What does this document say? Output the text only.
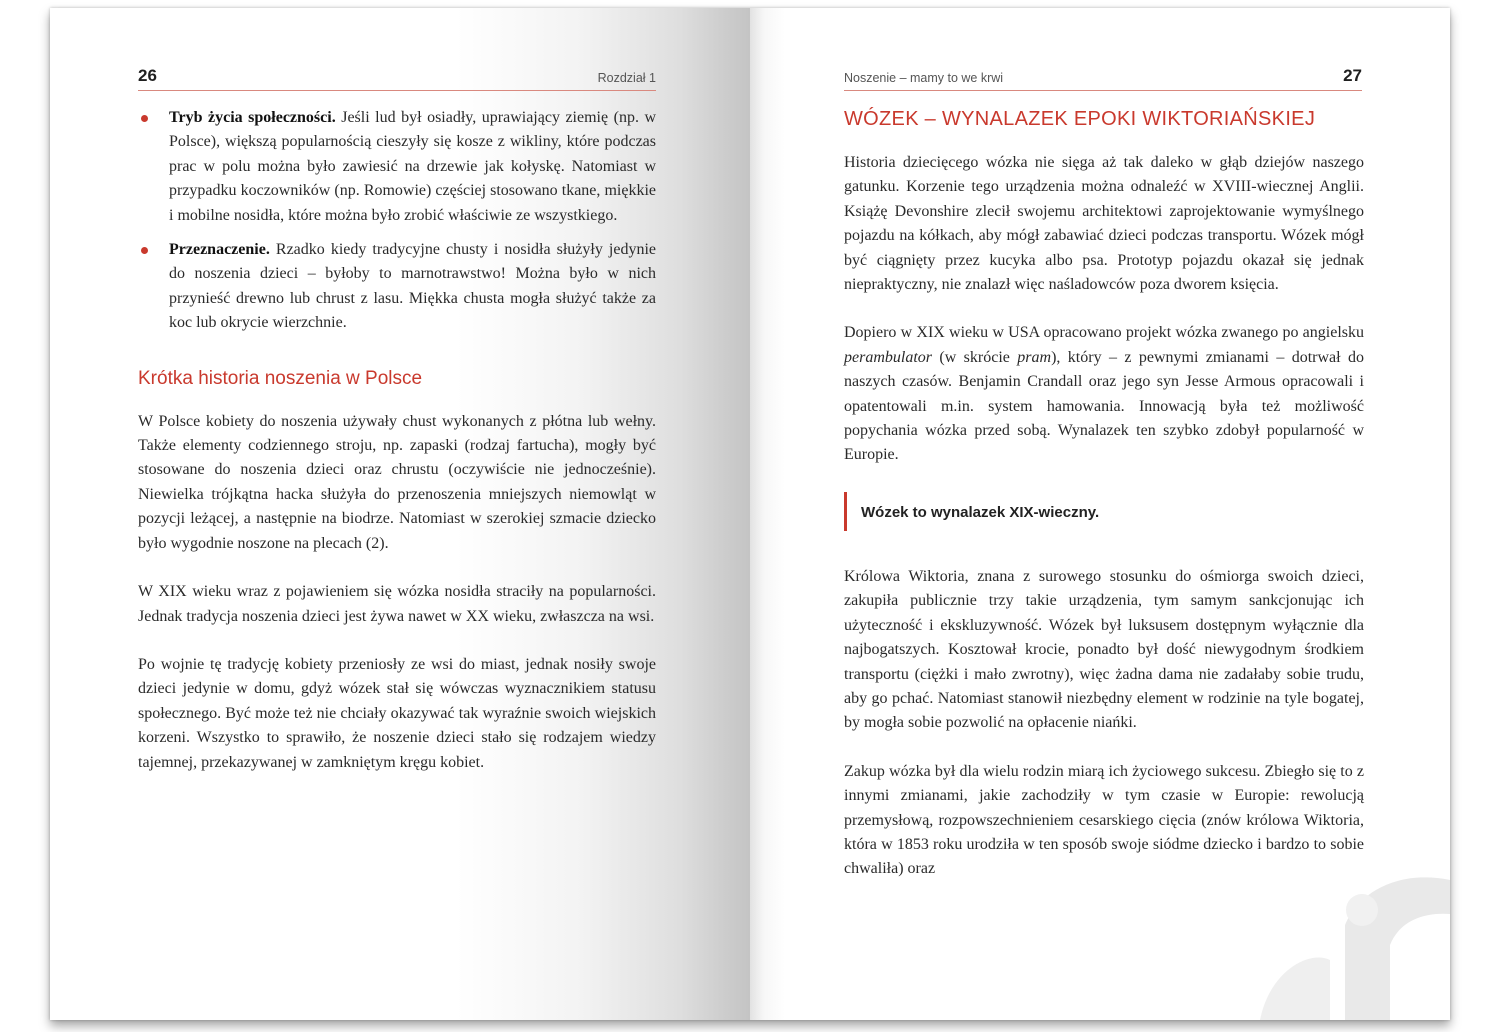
26	Rozdział 1
Tryb życia społeczności. Jeśli lud był osiadły, uprawiający ziemię (np. w Polsce), większą popularnością cieszyły się kosze z wikliny, które podczas prac w polu można było zawiesić na drzewie jak kołyskę. Natomiast w przypadku koczowników (np. Romowie) częściej stosowano tkane, miękkie i mobilne nosidła, które można było zrobić właściwie ze wszystkiego.
Przeznaczenie. Rzadko kiedy tradycyjne chusty i nosidła służyły jedynie do noszenia dzieci – byłoby to marnotrawstwo! Można było w nich przynieść drewno lub chrust z lasu. Miękka chusta mogła służyć także za koc lub okrycie wierzchnie.
Krótka historia noszenia w Polsce

W Polsce kobiety do noszenia używały chust wykonanych z płótna lub wełny. Także elementy codziennego stroju, np. zapaski (rodzaj fartucha), mogły być stosowane do noszenia dzieci oraz chrustu (oczywiście nie jednocześnie). Niewielka trójkątna hacka służyła do przenoszenia mniejszych niemowląt w pozycji leżącej, a następnie na biodrze. Natomiast w szerokiej szmacie dziecko było wygodnie noszone na plecach (2).

W XIX wieku wraz z pojawieniem się wózka nosidła straciły na popularności. Jednak tradycja noszenia dzieci jest żywa nawet w XX wieku, zwłaszcza na wsi.

Po wojnie tę tradycję kobiety przeniosły ze wsi do miast, jednak nosiły swoje dzieci jedynie w domu, gdyż wózek stał się wówczas wyznacznikiem statusu społecznego. Być może też nie chciały okazywać tak wyraźnie swoich wiejskich korzeni. Wszystko to sprawiło, że noszenie dzieci stało się rodzajem wiedzy tajemnej, przekazywanej w zamkniętym kręgu kobiet.

Noszenie – mamy to we krwi	27
WÓZEK – WYNALAZEK EPOKI WIKTORIAŃSKIEJ

Historia dziecięcego wózka nie sięga aż tak daleko w głąb dziejów naszego gatunku. Korzenie tego urządzenia można odnaleźć w XVIII-wiecznej Anglii. Książę Devonshire zlecił swojemu architektowi zaprojektowanie wymyślnego pojazdu na kółkach, aby mógł zabawiać dzieci podczas transportu. Wózek mógł być ciągnięty przez kucyka albo psa. Prototyp pojazdu okazał się jednak niepraktyczny, nie znalazł więc naśladowców poza dworem księcia.

Dopiero w XIX wieku w USA opracowano projekt wózka zwanego po angielsku perambulator (w skrócie pram), który – z pewnymi zmianami – dotrwał do naszych czasów. Benjamin Crandall oraz jego syn Jesse Armous opracowali i opatentowali m.in. system hamowania. Innowacją była też możliwość popychania wózka przed sobą. Wynalazek ten szybko zdobył popularność w Europie.

Wózek to wynalazek XIX-wieczny.

Królowa Wiktoria, znana z surowego stosunku do ośmiorga swoich dzieci, zakupiła publicznie trzy takie urządzenia, tym samym sankcjonując ich użyteczność i ekskluzywność. Wózek był luksusem dostępnym wyłącznie dla najbogatszych. Kosztował krocie, ponadto był dość niewygodnym środkiem transportu (ciężki i mało zwrotny), więc żadna dama nie zadałaby sobie trudu, aby go pchać. Natomiast stanowił niezbędny element w rodzinie na tyle bogatej, by mogła sobie pozwolić na opłacenie niańki.

Zakup wózka był dla wielu rodzin miarą ich życiowego sukcesu. Zbiegło się to z innymi zmianami, jakie zachodziły w tym czasie w Europie: rewolucją przemysłową, rozpowszechnieniem cesarskiego cięcia (znów królowa Wiktoria, która w 1853 roku urodziła w ten sposób swoje siódme dziecko i bardzo to sobie chwaliła) oraz
